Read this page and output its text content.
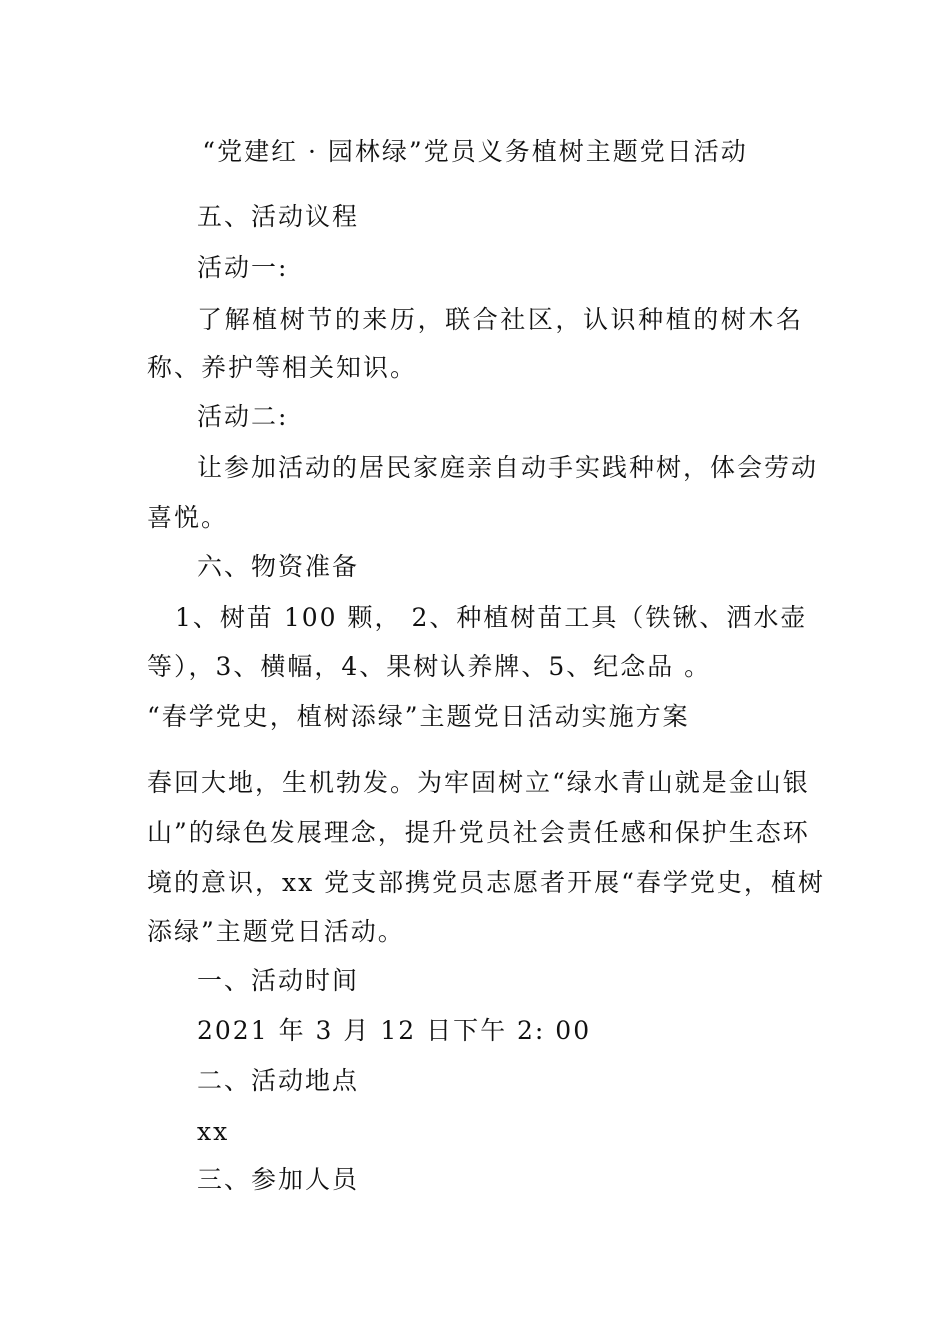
“党建红 · 园林绿”党员义务植树主题党日活动
五、活动议程
活动一:
了解植树节的来历，联合社区，认识种植的树木名
称、养护等相关知识。
活动二:
让参加活动的居民家庭亲自动手实践种树，体会劳动
喜悦。
六、物资准备
1、树苗 100 颗， 2、种植树苗工具（铁锹、洒水壶
等），3、横幅，4、果树认养牌、5、纪念品 。
“春学党史，植树添绿”主题党日活动实施方案
春回大地，生机勃发。为牢固树立“绿水青山就是金山银
山”的绿色发展理念，提升党员社会责任感和保护生态环
境的意识，xx 党支部携党员志愿者开展“春学党史，植树
添绿”主题党日活动。
一、活动时间
2021 年 3 月 12 日下午 2: 00
二、活动地点
xx
三、参加人员
